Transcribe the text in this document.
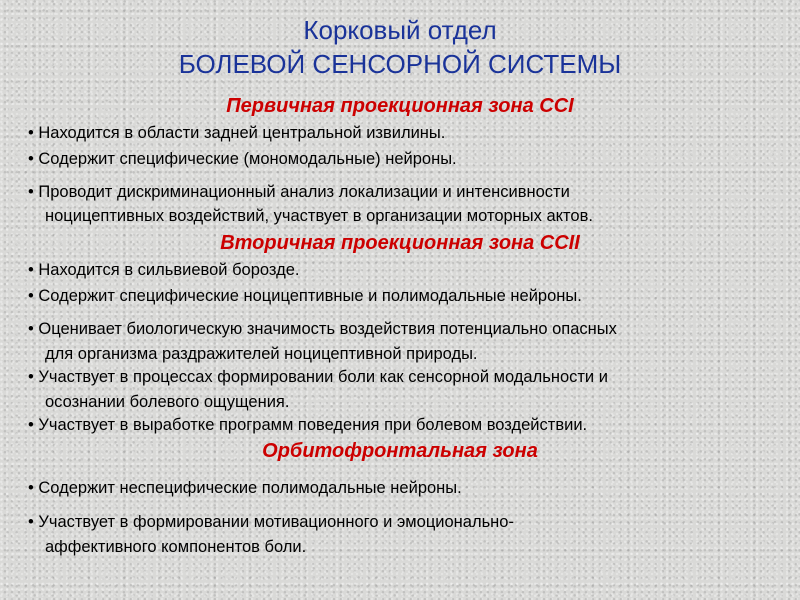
Корковый отдел
БОЛЕВОЙ СЕНСОРНОЙ СИСТЕМЫ
Первичная проекционная зона CCI

• Находится в области задней центральной извилины.

• Содержит специфические (мономодальные) нейроны.

• Проводит дискриминационный анализ локализации и интенсивности

ноцицептивных воздействий, участвует в организации моторных актов.

Вторичная проекционная зона CCII

• Находится в сильвиевой борозде.

• Содержит специфические ноцицептивные и полимодальные нейроны.

• Оценивает биологическую значимость воздействия потенциально опасных

для организма раздражителей ноцицептивной природы.

• Участвует в процессах формировании боли как сенсорной модальности и

осознании болевого ощущения.

• Участвует в выработке программ поведения при болевом воздействии.

Орбитофронтальная зона

• Содержит неспецифические полимодальные нейроны.

• Участвует в формировании мотивационного и эмоционально-

аффективного компонентов боли.
